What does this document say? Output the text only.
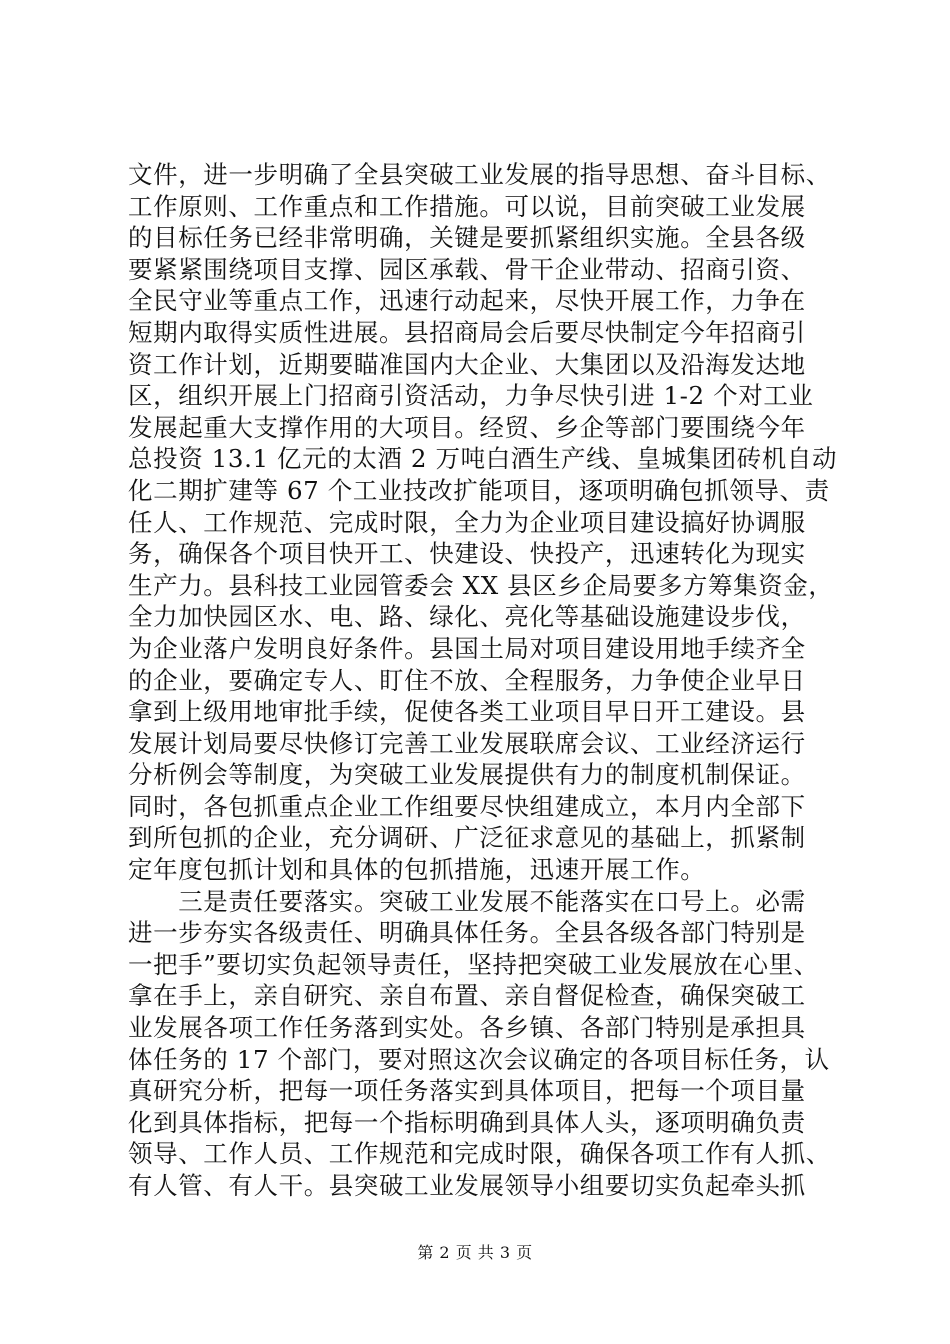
文件，进一步明确了全县突破工业发展的指导思想、奋斗目标、
工作原则、工作重点和工作措施。可以说，目前突破工业发展
的目标任务已经非常明确，关键是要抓紧组织实施。全县各级
要紧紧围绕项目支撑、园区承载、骨干企业带动、招商引资、
全民守业等重点工作，迅速行动起来，尽快开展工作，力争在
短期内取得实质性进展。县招商局会后要尽快制定今年招商引
资工作计划，近期要瞄准国内大企业、大集团以及沿海发达地
区，组织开展上门招商引资活动，力争尽快引进 1-2 个对工业
发展起重大支撑作用的大项目。经贸、乡企等部门要围绕今年
总投资 13.1 亿元的太酒 2 万吨白酒生产线、皇城集团砖机自动
化二期扩建等 67 个工业技改扩能项目，逐项明确包抓领导、责
任人、工作规范、完成时限，全力为企业项目建设搞好协调服
务，确保各个项目快开工、快建设、快投产，迅速转化为现实
生产力。县科技工业园管委会 XX 县区乡企局要多方筹集资金，
全力加快园区水、电、路、绿化、亮化等基础设施建设步伐，
为企业落户发明良好条件。县国土局对项目建设用地手续齐全
的企业，要确定专人、盯住不放、全程服务，力争使企业早日
拿到上级用地审批手续，促使各类工业项目早日开工建设。县
发展计划局要尽快修订完善工业发展联席会议、工业经济运行
分析例会等制度，为突破工业发展提供有力的制度机制保证。
同时，各包抓重点企业工作组要尽快组建成立，本月内全部下
到所包抓的企业，充分调研、广泛征求意见的基础上，抓紧制
定年度包抓计划和具体的包抓措施，迅速开展工作。
　　三是责任要落实。突破工业发展不能落实在口号上。必需
进一步夯实各级责任、明确具体任务。全县各级各部门特别是
一把手”要切实负起领导责任，坚持把突破工业发展放在心里、
拿在手上，亲自研究、亲自布置、亲自督促检查，确保突破工
业发展各项工作任务落到实处。各乡镇、各部门特别是承担具
体任务的 17 个部门，要对照这次会议确定的各项目标任务，认
真研究分析，把每一项任务落实到具体项目，把每一个项目量
化到具体指标，把每一个指标明确到具体人头，逐项明确负责
领导、工作人员、工作规范和完成时限，确保各项工作有人抓、
有人管、有人干。县突破工业发展领导小组要切实负起牵头抓
第 2 页 共 3 页
